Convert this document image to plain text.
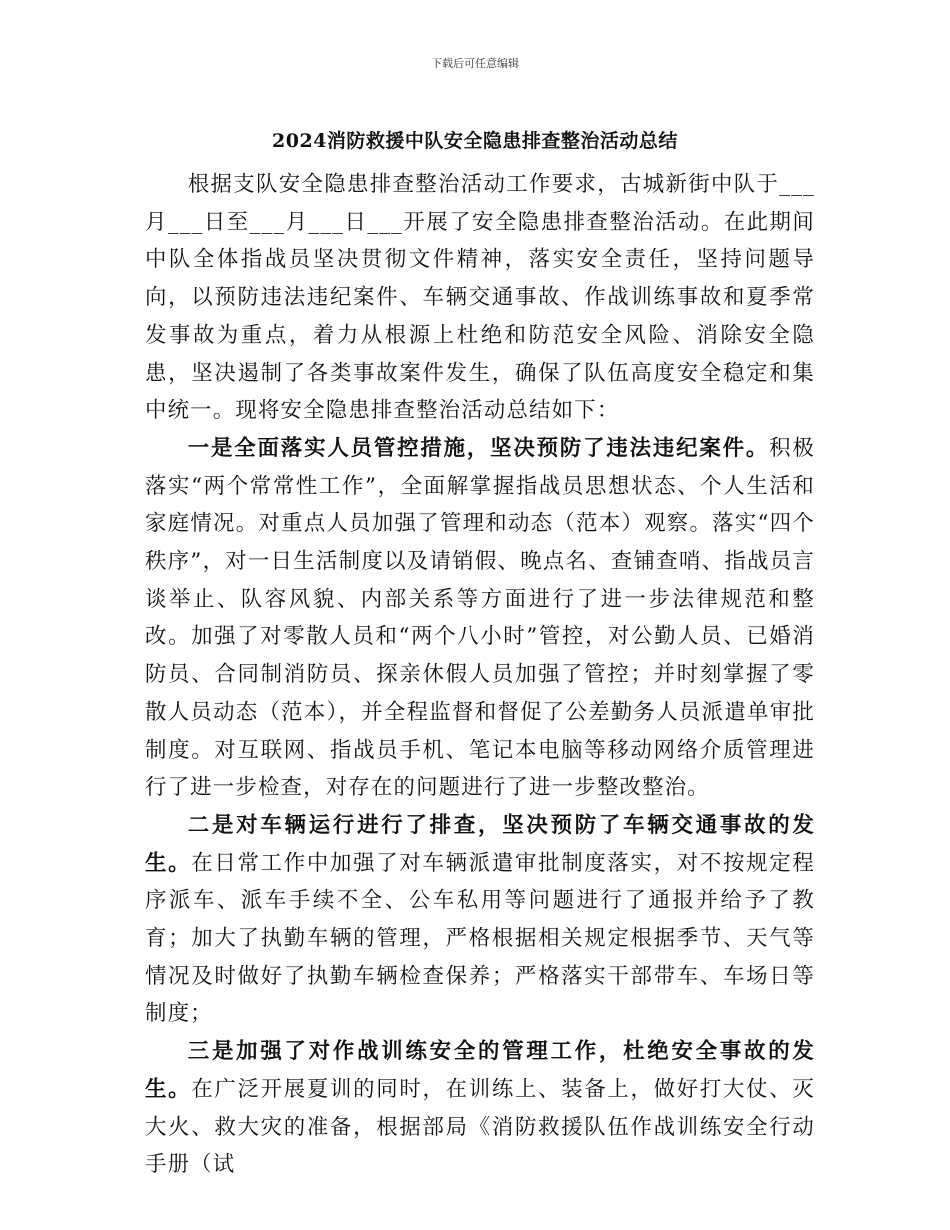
下载后可任意编辑
2024消防救援中队安全隐患排查整治活动总结

根据支队安全隐患排查整治活动工作要求，古城新街中队于___月___日至___月___日___开展了安全隐患排查整治活动。在此期间中队全体指战员坚决贯彻文件精神，落实安全责任，坚持问题导向，以预防违法违纪案件、车辆交通事故、作战训练事故和夏季常发事故为重点，着力从根源上杜绝和防范安全风险、消除安全隐患，坚决遏制了各类事故案件发生，确保了队伍高度安全稳定和集中统一。现将安全隐患排查整治活动总结如下：

一是全面落实人员管控措施，坚决预防了违法违纪案件。积极落实“两个常常性工作”，全面解掌握指战员思想状态、个人生活和家庭情况。对重点人员加强了管理和动态（范本）观察。落实“四个秩序”，对一日生活制度以及请销假、晚点名、查铺查哨、指战员言谈举止、队容风貌、内部关系等方面进行了进一步法律规范和整改。加强了对零散人员和“两个八小时”管控，对公勤人员、已婚消防员、合同制消防员、探亲休假人员加强了管控；并时刻掌握了零散人员动态（范本），并全程监督和督促了公差勤务人员派遣单审批制度。对互联网、指战员手机、笔记本电脑等移动网络介质管理进行了进一步检查，对存在的问题进行了进一步整改整治。

二是对车辆运行进行了排查，坚决预防了车辆交通事故的发生。在日常工作中加强了对车辆派遣审批制度落实，对不按规定程序派车、派车手续不全、公车私用等问题进行了通报并给予了教育；加大了执勤车辆的管理，严格根据相关规定根据季节、天气等情况及时做好了执勤车辆检查保养；严格落实干部带车、车场日等制度；

三是加强了对作战训练安全的管理工作，杜绝安全事故的发生。在广泛开展夏训的同时，在训练上、装备上，做好打大仗、灭大火、救大灾的准备，根据部局《消防救援队伍作战训练安全行动手册（试
